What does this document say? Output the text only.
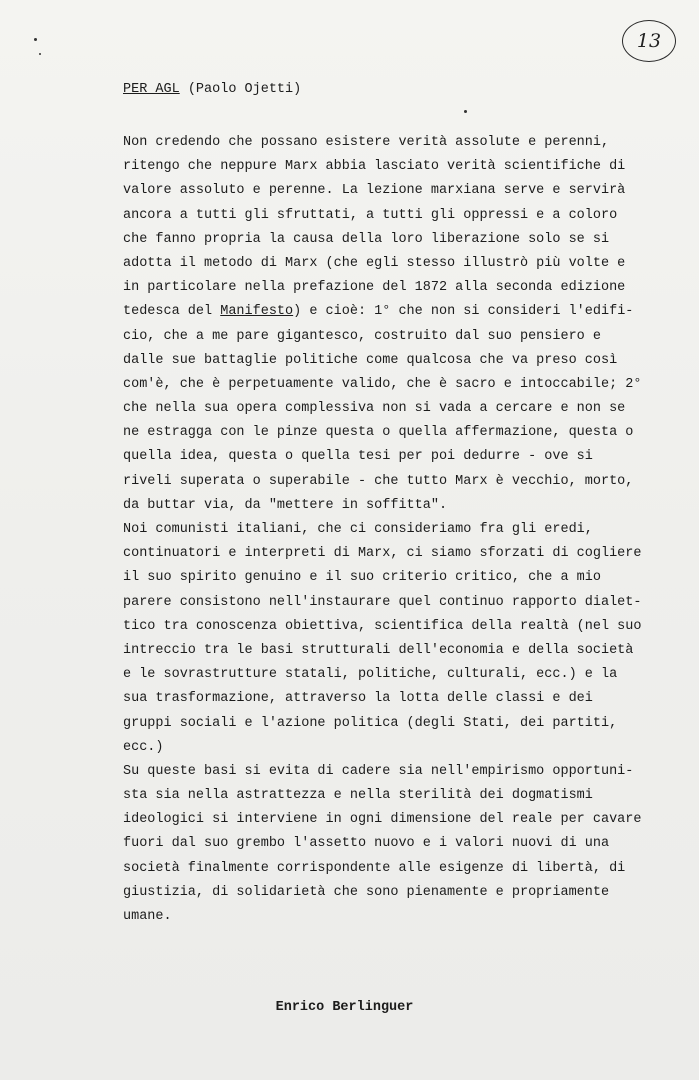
13
PER AGL (Paolo Ojetti)
Non credendo che possano esistere verità assolute e perenni,
ritengo che neppure Marx abbia lasciato verità scientifiche di
valore assoluto e perenne. La lezione marxiana serve e servirà
ancora a tutti gli sfruttati, a tutti gli oppressi e a coloro
che fanno propria la causa della loro liberazione solo se si
adotta il metodo di Marx (che egli stesso illustrò più volte e
in particolare nella prefazione del 1872 alla seconda edizione
tedesca del Manifesto) e cioè: 1° che non si consideri l'edifi-
cio, che a me pare gigantesco, costruito dal suo pensiero e
dalle sue battaglie politiche come qualcosa che va preso così
com'è, che è perpetuamente valido, che è sacro e intoccabile; 2°
che nella sua opera complessiva non si vada a cercare e non se
ne estragga con le pinze questa o quella affermazione, questa o
quella idea, questa o quella tesi per poi dedurre - ove si
riveli superata o superabile - che tutto Marx è vecchio, morto,
da buttar via, da "mettere in soffitta".
Noi comunisti italiani, che ci consideriamo fra gli eredi,
continuatori e interpreti di Marx, ci siamo sforzati di cogliere
il suo spirito genuino e il suo criterio critico, che a mio
parere consistono nell'instaurare quel continuo rapporto dialet-
tico tra conoscenza obiettiva, scientifica della realtà (nel suo
intreccio tra le basi strutturali dell'economia e della società
e le sovrastrutture statali, politiche, culturali, ecc.) e la
sua trasformazione, attraverso la lotta delle classi e dei
gruppi sociali e l'azione politica (degli Stati, dei partiti,
ecc.)
Su queste basi si evita di cadere sia nell'empirismo opportuni-
sta sia nella astrattezza e nella sterilità dei dogmatismi
ideologici si interviene in ogni dimensione del reale per cavare
fuori dal suo grembo l'assetto nuovo e i valori nuovi di una
società finalmente corrispondente alle esigenze di libertà, di
giustizia, di solidarietà che sono pienamente e propriamente
umane.
Enrico Berlinguer
